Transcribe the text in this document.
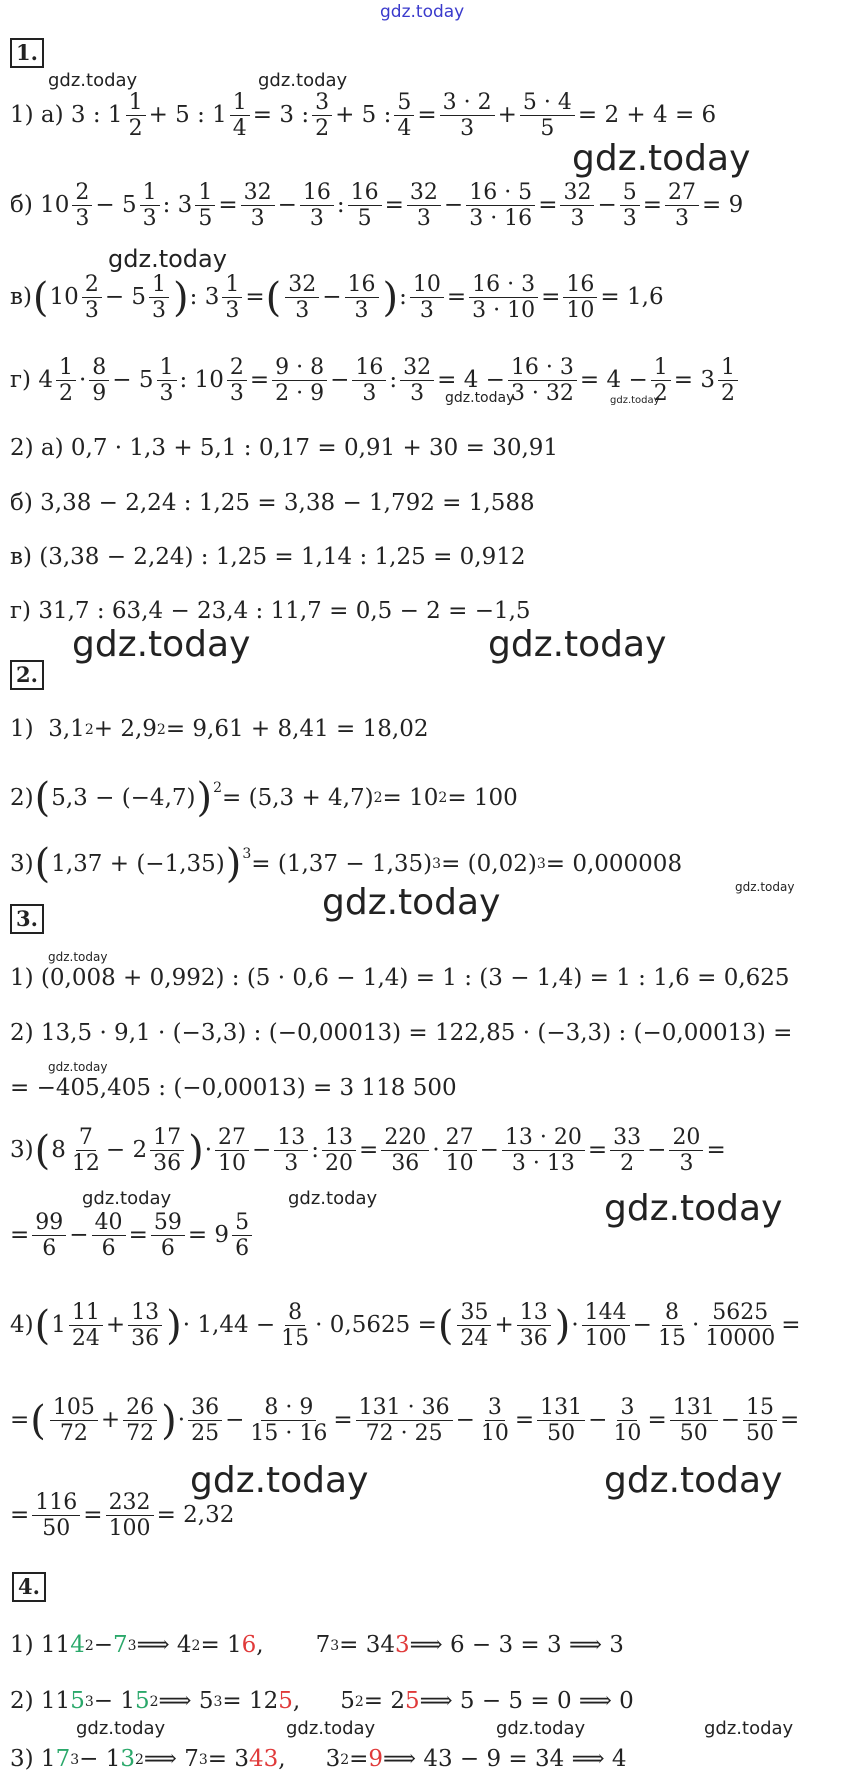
gdz.today
1.
gdz.today	gdz.today
1) а) 3 : $1 \frac{1}{2} + 5$ : $1 \frac{1}{4} = 3$ : $\frac{3}{2} + 5$ : $\frac{5}{4} = \frac{3 \cdot 2}{3} + \frac{5 \cdot 4}{5} = 2 + 4 = 6$
gdz.today
б) $10 \frac{2}{3} - 5 \frac{1}{3}$ : $3 \frac{1}{5} = \frac{32}{3} - \frac{16}{3}$ : $\frac{16}{5} = \frac{32}{3} - \frac{16 \cdot 5}{3 \cdot 16} = \frac{32}{3} - \frac{5}{3} = \frac{27}{3} = 9$
gdz.today
в) ( $10 \frac{2}{3} - 5 \frac{1}{3}$ ) : $3 \frac{1}{3}$ = ( $\frac{32}{3} - \frac{16}{3}$ ) : $\frac{10}{3} = \frac{16 \cdot 3}{3 \cdot 10} = \frac{16}{10} = 1,6$
г) $4 \frac{1}{2} \cdot \frac{8}{9} - 5 \frac{1}{3}$ : $10 \frac{2}{3} = \frac{9 \cdot 8}{2 \cdot 9} - \frac{16}{3}$ : $\frac{32}{3} = 4 - \frac{16 \cdot 3}{3 \cdot 32} = 4 - \frac{1}{2} = 3 \frac{1}{2}$
gdz.today	gdz.today
2) а) 0,7 · 1,3 + 5,1 : 0,17 = 0,91 + 30 = 30,91
б) 3,38 − 2,24 : 1,25 = 3,38 − 1,792 = 1,588
в) (3,38 − 2,24) : 1,25 = 1,14 : 1,25 = 0,912
г) 31,7 : 63,4 − 23,4 : 11,7 = 0,5 − 2 = −1,5
gdz.today	gdz.today
2.
1)  3,1 2 + 2,9 2 = 9,61 + 8,41 = 18,02
2) ( 5,3 − (−4,7) )$^2 = (5,3 + 4,7)_2 = 10$ 2 = 100
3) ( 1,37 + (−1,35) )$^3 = (1,37 - 1,35)_3 = (0,02)$ 3 = 0,000008
gdz.today
gdz.today
3.
gdz.today
1) (0,008 + 0,992) : (5 · 0,6 − 1,4) = 1 : (3 − 1,4) = 1 : 1,6 = 0,625
2) 13,5 · 9,1 · (−3,3) : (−0,00013) = 122,85 · (−3,3) : (−0,00013) =
gdz.today
= −405,405 : (−0,00013) = 3 118 500
3) ( $8 \frac{7}{12} - 2 \frac{17}{36}$ ) · $\frac{27}{10} - \frac{13}{3}$ : $\frac{13}{20} = \frac{220}{36} \cdot \frac{27}{10} - \frac{13 \cdot 20}{3 \cdot 13} = \frac{33}{2} - \frac{20}{3}$ =
gdz.today	gdz.today	gdz.today
= $\frac{99}{6} - \frac{40}{6} = \frac{59}{6} = 9 \frac{5}{6}$
4) ( $1 \frac{11}{24} + \frac{13}{36}$ ) · $1,44 - \frac{8}{15} \cdot 0,5625$ = ( $\frac{35}{24} + \frac{13}{36}$ ) · $\frac{144}{100} - \frac{8}{15} \cdot \frac{5625}{10000}$ =
= ( $\frac{105}{72} + \frac{26}{72}$ ) · $\frac{36}{25} - \frac{8 \cdot 9}{15 \cdot 16} = \frac{131 \cdot 36}{72 \cdot 25} - \frac{3}{10} = \frac{131}{50} - \frac{3}{10} = \frac{131}{50} - \frac{15}{50}$ =
gdz.today	gdz.today
= $\frac{116}{50} = \frac{232}{100} = 2,32$
4.
1) 11 4 2 − 7 3 ⟹ 4 2 = 1 6 , 7 3 = 34 3 ⟹ 6 − 3 = 3 ⟹ 3
2) 11 5 3 − 1 5 2 ⟹ 5 3 = 12 5 , 5 2 = 2 5 ⟹ 5 − 5 = 0 ⟹ 0
gdz.today	gdz.today	gdz.today	gdz.today
3) 1 7 3 − 1 3 2 ⟹ 7 3 = 3 43 , 3 2 = 9 ⟹ 43 − 9 = 34 ⟹ 4
